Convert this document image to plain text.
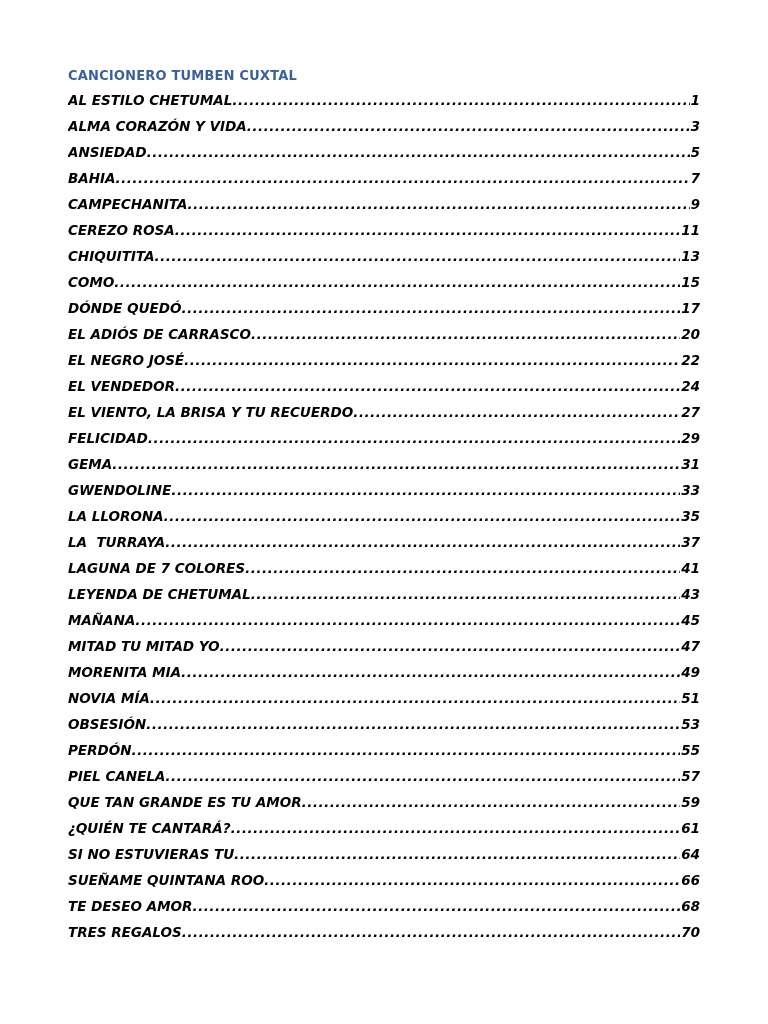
CANCIONERO TUMBEN CUXTAL
AL ESTILO CHETUMAL .....	1
ALMA CORAZÓN Y VIDA .....	3
ANSIEDAD .....	5
BAHIA .....	7
CAMPECHANITA .....	9
CEREZO ROSA .....	11
CHIQUITITA .....	13
COMO .....	15
DÓNDE QUEDÓ .....	17
EL ADIÓS DE CARRASCO .....	20
EL NEGRO JOSÉ .....	22
EL VENDEDOR .....	24
EL VIENTO, LA BRISA Y TU RECUERDO .....	27
FELICIDAD .....	29
GEMA .....	31
GWENDOLINE .....	33
LA LLORONA .....	35
LA  TURRAYA .....	37
LAGUNA DE 7 COLORES .....	41
LEYENDA DE CHETUMAL .....	43
MAÑANA .....	45
MITAD TU MITAD YO .....	47
MORENITA MIA .....	49
NOVIA MÍA .....	51
OBSESIÓN .....	53
PERDÓN .....	55
PIEL CANELA .....	57
QUE TAN GRANDE ES TU AMOR .....	59
¿QUIÉN TE CANTARÁ? .....	61
SI NO ESTUVIERAS TU .....	64
SUEÑAME QUINTANA ROO .....	66
TE DESEO AMOR .....	68
TRES REGALOS .....	70
